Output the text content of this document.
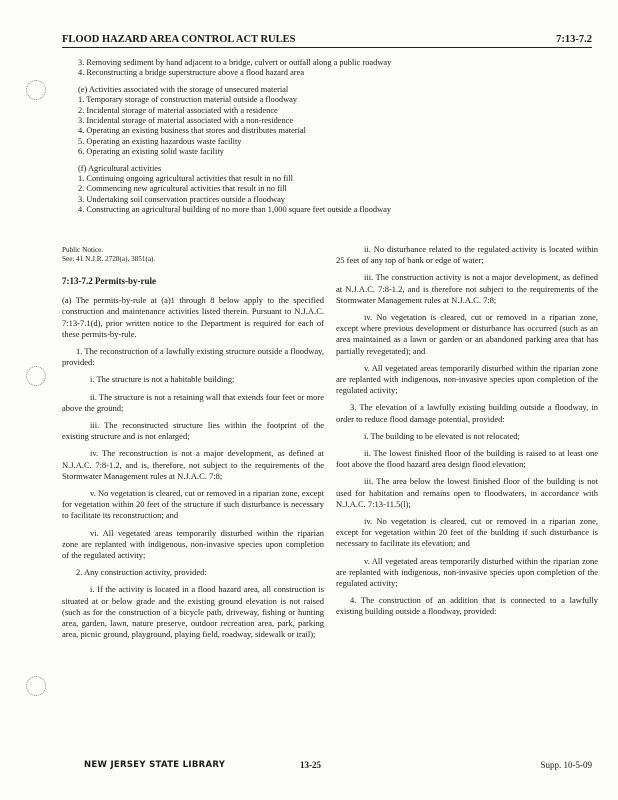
FLOOD HAZARD AREA CONTROL ACT RULES	7:13-7.2
3. Removing sediment by hand adjacent to a bridge, culvert or outfall along a public roadway
4. Reconstructing a bridge superstructure above a flood hazard area
(e) Activities associated with the storage of unsecured material
1. Temporary storage of construction material outside a floodway
2. Incidental storage of material associated with a residence
3. Incidental storage of material associated with a non-residence
4. Operating an existing business that stores and distributes material
5. Operating an existing hazardous waste facility
6. Operating an existing solid waste facility
(f) Agricultural activities
1. Continuing ongoing agricultural activities that result in no fill
2. Commencing new agricultural activities that result in no fill
3. Undertaking soil conservation practices outside a floodway
4. Constructing an agricultural building of no more than 1,000 square feet outside a floodway
Public Notice.
See: 41 N.J.R. 2728(a), 3851(a).
7:13-7.2 Permits-by-rule

(a) The permits-by-rule at (a)1 through 8 below apply to the specified construction and maintenance activities listed therein. Pursuant to N.J.A.C. 7:13-7.1(d), prior written notice to the Department is required for each of these permits-by-rule.

1. The reconstruction of a lawfully existing structure outside a floodway, provided:

i. The structure is not a habitable building;

ii. The structure is not a retaining wall that extends four feet or more above the ground;

iii. The reconstructed structure lies within the footprint of the existing structure and is not enlarged;

iv. The reconstruction is not a major development, as defined at N.J.A.C. 7:8-1.2, and is, therefore, not subject to the requirements of the Stormwater Management rules at N.J.A.C. 7:8;

v. No vegetation is cleared, cut or removed in a riparian zone, except for vegetation within 20 feet of the structure if such disturbance is necessary to facilitate its reconstruction; and

vi. All vegetated areas temporarily disturbed within the riparian zone are replanted with indigenous, non-invasive species upon completion of the regulated activity;

2. Any construction activity, provided:

i. If the activity is located in a flood hazard area, all construction is situated at or below grade and the existing ground elevation is not raised (such as for the construction of a bicycle path, driveway, fishing or hunting area, garden, lawn, nature preserve, outdoor recreation area, park, parking area, picnic ground, playground, playing field, roadway, sidewalk or trail);

ii. No disturbance related to the regulated activity is located within 25 feet of any top of bank or edge of water;

iii. The construction activity is not a major development, as defined at N.J.A.C. 7:8-1.2, and is therefore not subject to the requirements of the Stormwater Management rules at N.J.A.C. 7:8;

iv. No vegetation is cleared, cut or removed in a riparian zone, except where previous development or disturbance has occurred (such as an area maintained as a lawn or garden or an abandoned parking area that has partially revegetated); and

v. All vegetated areas temporarily disturbed within the riparian zone are replanted with indigenous, non-invasive species upon completion of the regulated activity;

3. The elevation of a lawfully existing building outside a floodway, in order to reduce flood damage potential, provided:

i. The building to be elevated is not relocated;

ii. The lowest finished floor of the building is raised to at least one foot above the flood hazard area design flood elevation;

iii. The area below the lowest finished floor of the building is not used for habitation and remains open to floodwaters, in accordance with N.J.A.C. 7:13-11.5(l);

iv. No vegetation is cleared, cut or removed in a riparian zone, except for vegetation within 20 feet of the building if such disturbance is necessary to facilitate its elevation; and

v. All vegetated areas temporarily disturbed within the riparian zone are replanted with indigenous, non-invasive species upon completion of the regulated activity;

4. The construction of an addition that is connected to a lawfully existing building outside a floodway, provided:

NEW JERSEY STATE LIBRARY	13-25	Supp. 10-5-09
